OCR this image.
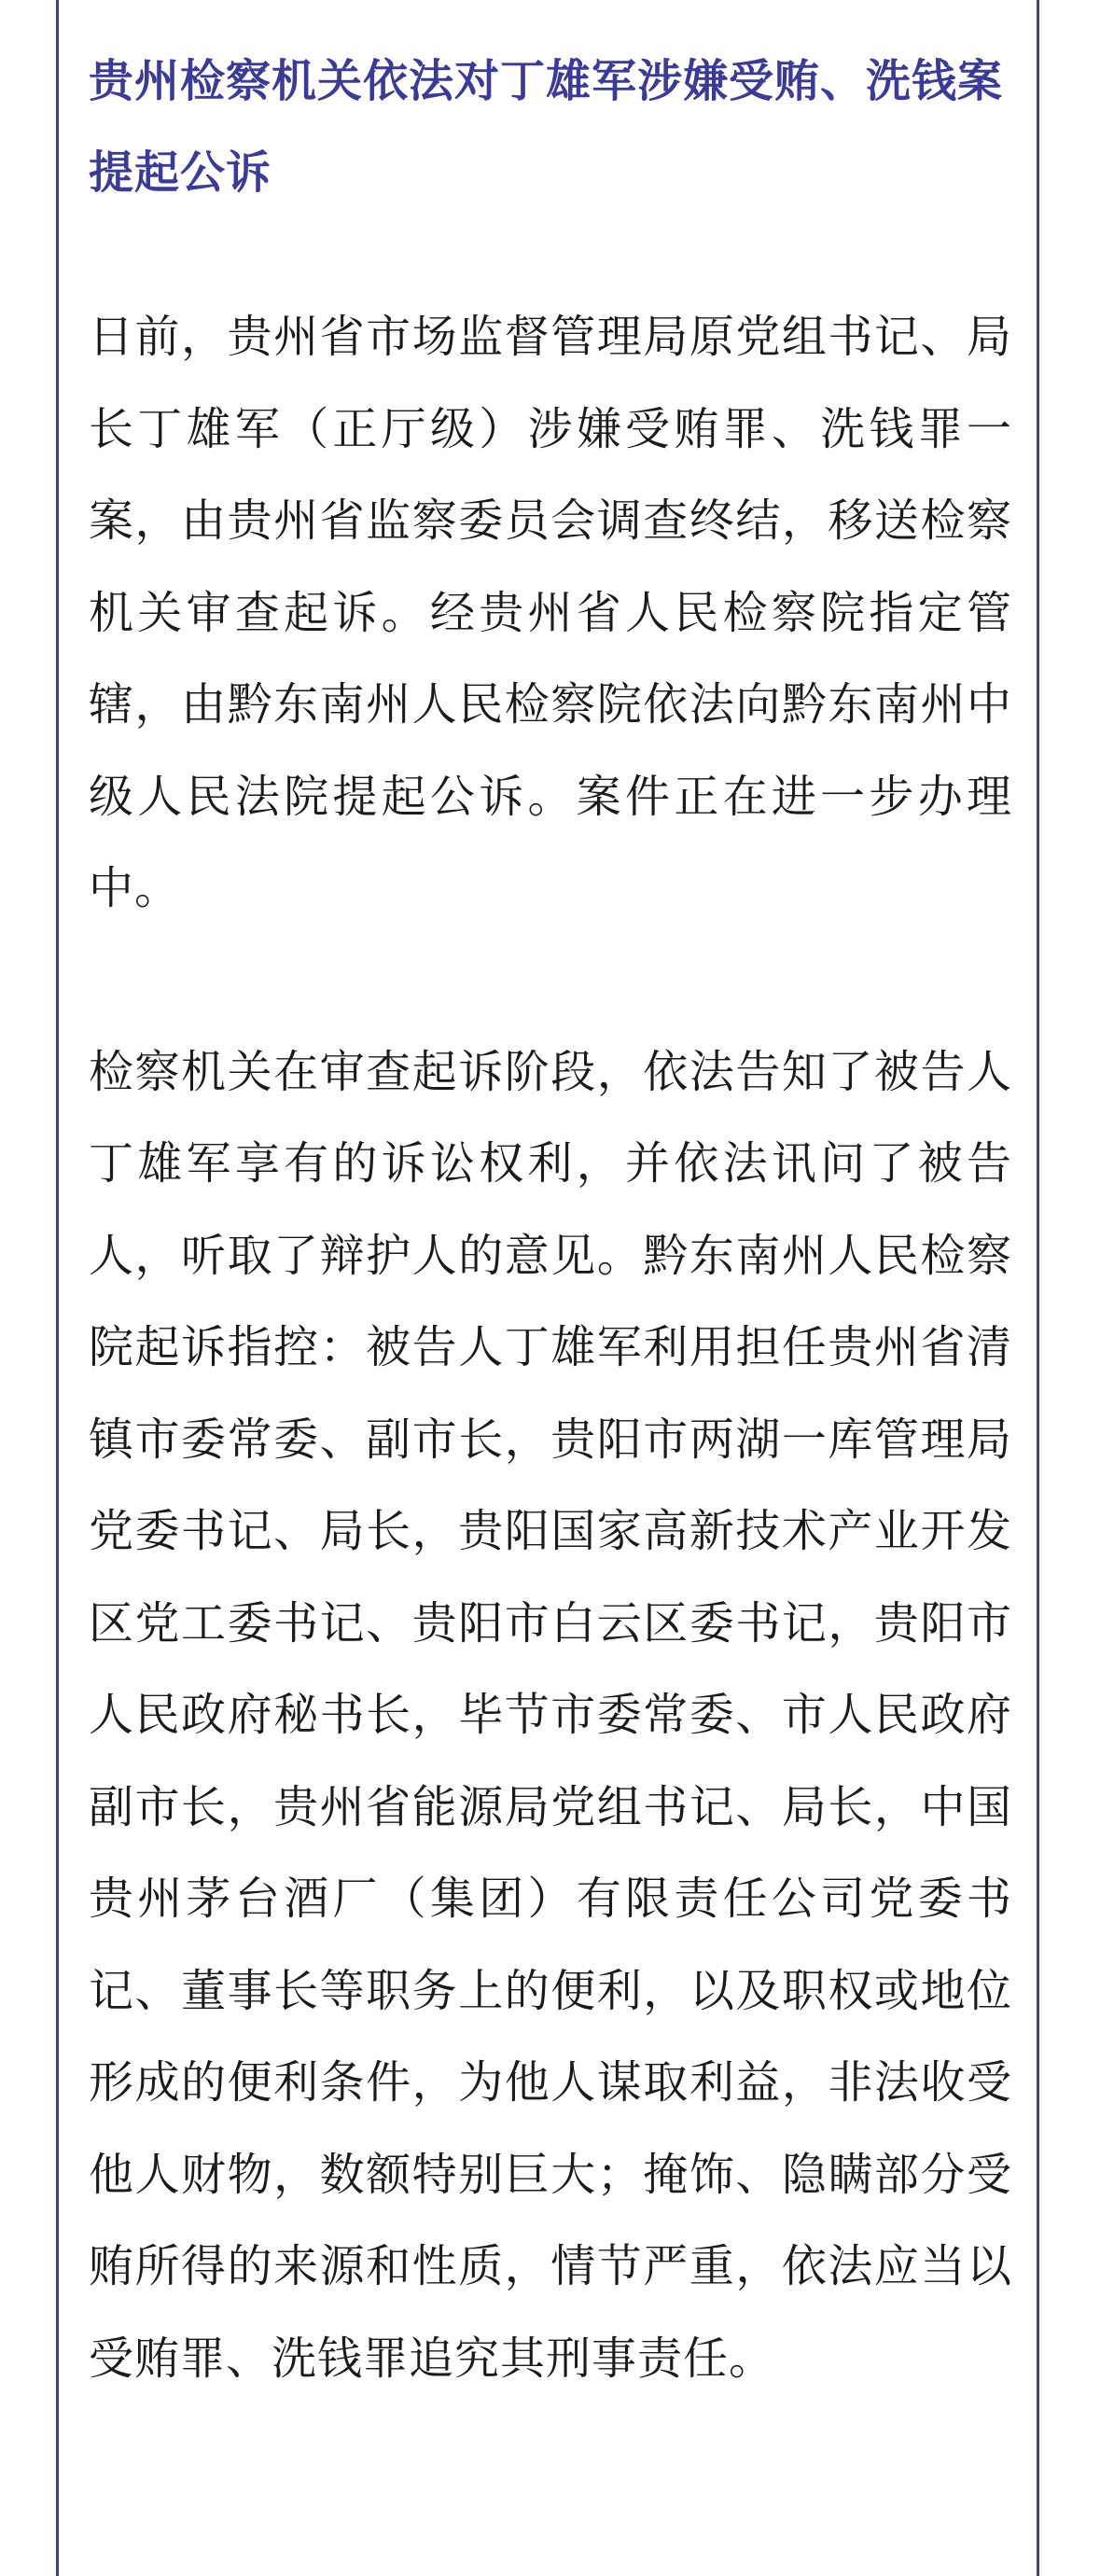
贵州检察机关依法对丁雄军涉嫌受贿、洗钱案提起公诉

日前，贵州省市场监督管理局原党组书记、局长丁雄军（正厅级）涉嫌受贿罪、洗钱罪一案，由贵州省监察委员会调查终结，移送检察机关审查起诉。经贵州省人民检察院指定管辖，由黔东南州人民检察院依法向黔东南州中级人民法院提起公诉。案件正在进一步办理中。

检察机关在审查起诉阶段，依法告知了被告人丁雄军享有的诉讼权利，并依法讯问了被告人，听取了辩护人的意见。黔东南州人民检察院起诉指控：被告人丁雄军利用担任贵州省清镇市委常委、副市长，贵阳市两湖一库管理局党委书记、局长，贵阳国家高新技术产业开发区党工委书记、贵阳市白云区委书记，贵阳市人民政府秘书长，毕节市委常委、市人民政府副市长，贵州省能源局党组书记、局长，中国贵州茅台酒厂（集团）有限责任公司党委书记、董事长等职务上的便利，以及职权或地位形成的便利条件，为他人谋取利益，非法收受他人财物，数额特别巨大；掩饰、隐瞒部分受贿所得的来源和性质，情节严重，依法应当以受贿罪、洗钱罪追究其刑事责任。
